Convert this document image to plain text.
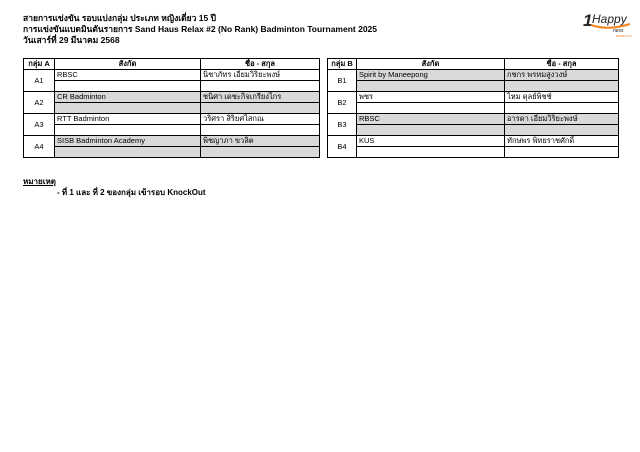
สายการแข่งขัน รอบแบ่งกลุ่ม ประเภท หญิงเดี่ยว 15 ปี
การแข่งขันแบดมินตันรายการ Sand Haus Relax #2 (No Rank) Badminton Tournament 2025
วันเสาร์ที่ 29 มีนาคม 2568
1 Happy
ness
BADMINTON
กลุ่ม A	สังกัด	ชื่อ - สกุล
A1	RBSC	นิชาภัทร เอี่ยมวิริยะพงษ์

A2	CR Badminton	ชนิศา เดชะกิจเกรียงไกร

A3	RTT Badminton	วริศรา สิริยศไสกณ

A4	SISB Badminton Academy	พิชญาภา ขวลิต

กลุ่ม B	สังกัด	ชื่อ - สกุล
B1	Spirit by Maneepong	กชกร พรหมสูงวงษ์

B2	พชร	ไหม ดุลย์พิชช์

B3	RBSC	อารดา เอี่ยมวิริยะพงษ์

B4	KUS	ทักษพร พิทยราชศักดิ์

หมายเหตุ
- ที่ 1 และ ที่ 2 ของกลุ่ม เข้ารอบ KnockOut
